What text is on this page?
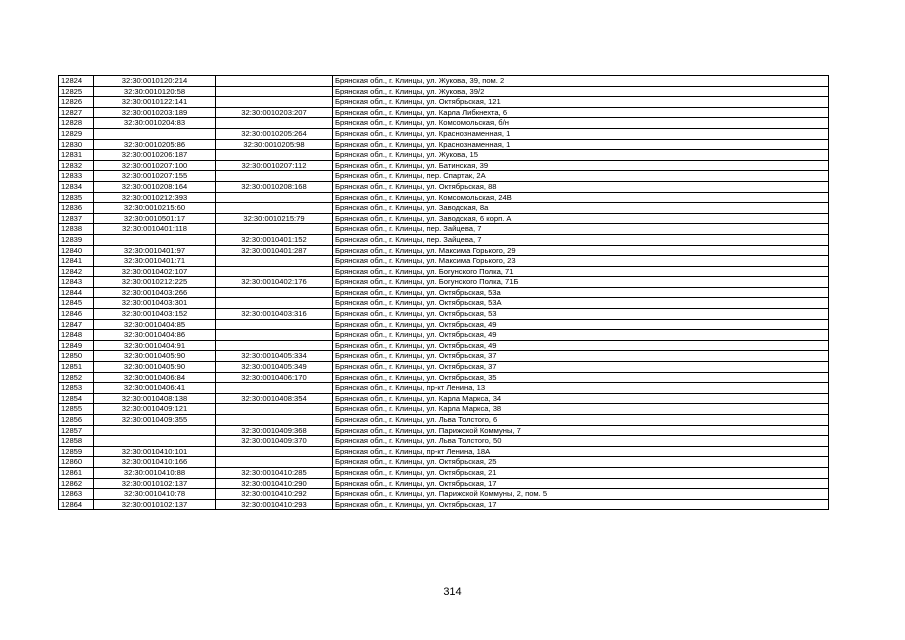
12824	32:30:0010120:214		Брянская обл., г. Клинцы, ул. Жукова, 39, пом. 2
12825	32:30:0010120:58		Брянская обл., г. Клинцы, ул. Жукова, 39/2
12826	32:30:0010122:141		Брянская обл., г. Клинцы, ул. Октябрьская, 121
12827	32:30:0010203:189	32:30:0010203:207	Брянская обл., г. Клинцы, ул. Карла Либкнехта, 6
12828	32:30:0010204:83		Брянская обл., г. Клинцы, ул. Комсомольская, б/н
12829		32:30:0010205:264	Брянская обл., г. Клинцы, ул. Краснознаменная, 1
12830	32:30:0010205:86	32:30:0010205:98	Брянская обл., г. Клинцы, ул. Краснознаменная, 1
12831	32:30:0010206:187		Брянская обл., г. Клинцы, ул. Жукова, 15
12832	32:30:0010207:100	32:30:0010207:112	Брянская обл., г. Клинцы, ул. Батинская, 39
12833	32:30:0010207:155		Брянская обл., г. Клинцы, пер. Спартак, 2А
12834	32:30:0010208:164	32:30:0010208:168	Брянская обл., г. Клинцы, ул. Октябрьская, 88
12835	32:30:0010212:393		Брянская обл., г. Клинцы, ул. Комсомольская, 24В
12836	32:30:0010215:60		Брянская обл., г. Клинцы, ул. Заводская, 8а
12837	32:30:0010501:17	32:30:0010215:79	Брянская обл., г. Клинцы, ул. Заводская, 6 корп. А
12838	32:30:0010401:118		Брянская обл., г. Клинцы, пер. Зайцева, 7
12839		32:30:0010401:152	Брянская обл., г. Клинцы, пер. Зайцева, 7
12840	32:30:0010401:97	32:30:0010401:287	Брянская обл., г. Клинцы, ул. Максима Горького, 29
12841	32:30:0010401:71		Брянская обл., г. Клинцы, ул. Максима Горького, 23
12842	32:30:0010402:107		Брянская обл., г. Клинцы, ул. Богунского Полка, 71
12843	32:30:0010212:225	32:30:0010402:176	Брянская обл., г. Клинцы, ул. Богунского Полка, 71Б
12844	32:30:0010403:266		Брянская обл., г. Клинцы, ул. Октябрьская, 53а
12845	32:30:0010403:301		Брянская обл., г. Клинцы, ул. Октябрьская, 53А
12846	32:30:0010403:152	32:30:0010403:316	Брянская обл., г. Клинцы, ул. Октябрьская, 53
12847	32:30:0010404:85		Брянская обл., г. Клинцы, ул. Октябрьская, 49
12848	32:30:0010404:86		Брянская обл., г. Клинцы, ул. Октябрьская, 49
12849	32:30:0010404:91		Брянская обл., г. Клинцы, ул. Октябрьская, 49
12850	32:30:0010405:90	32:30:0010405:334	Брянская обл., г. Клинцы, ул. Октябрьская, 37
12851	32:30:0010405:90	32:30:0010405:349	Брянская обл., г. Клинцы, ул. Октябрьская, 37
12852	32:30:0010406:84	32:30:0010406:170	Брянская обл., г. Клинцы, ул. Октябрьская, 35
12853	32:30:0010406:41		Брянская обл., г. Клинцы, пр-кт Ленина, 13
12854	32:30:0010408:138	32:30:0010408:354	Брянская обл., г. Клинцы, ул. Карла Маркса, 34
12855	32:30:0010409:121		Брянская обл., г. Клинцы, ул. Карла Маркса, 38
12856	32:30:0010409:355		Брянская обл., г. Клинцы, ул. Льва Толстого, 6
12857		32:30:0010409:368	Брянская обл., г. Клинцы, ул. Парижской Коммуны, 7
12858		32:30:0010409:370	Брянская обл., г. Клинцы, ул. Льва Толстого, 50
12859	32:30:0010410:101		Брянская обл., г. Клинцы, пр-кт Ленина, 18А
12860	32:30:0010410:166		Брянская обл., г. Клинцы, ул. Октябрьская, 25
12861	32:30:0010410:88	32:30:0010410:285	Брянская обл., г. Клинцы, ул. Октябрьская, 21
12862	32:30:0010102:137	32:30:0010410:290	Брянская обл., г. Клинцы, ул. Октябрьская, 17
12863	32:30:0010410:78	32:30:0010410:292	Брянская обл., г. Клинцы, ул. Парижской Коммуны, 2, пом. 5
12864	32:30:0010102:137	32:30:0010410:293	Брянская обл., г. Клинцы, ул. Октябрьская, 17
314
